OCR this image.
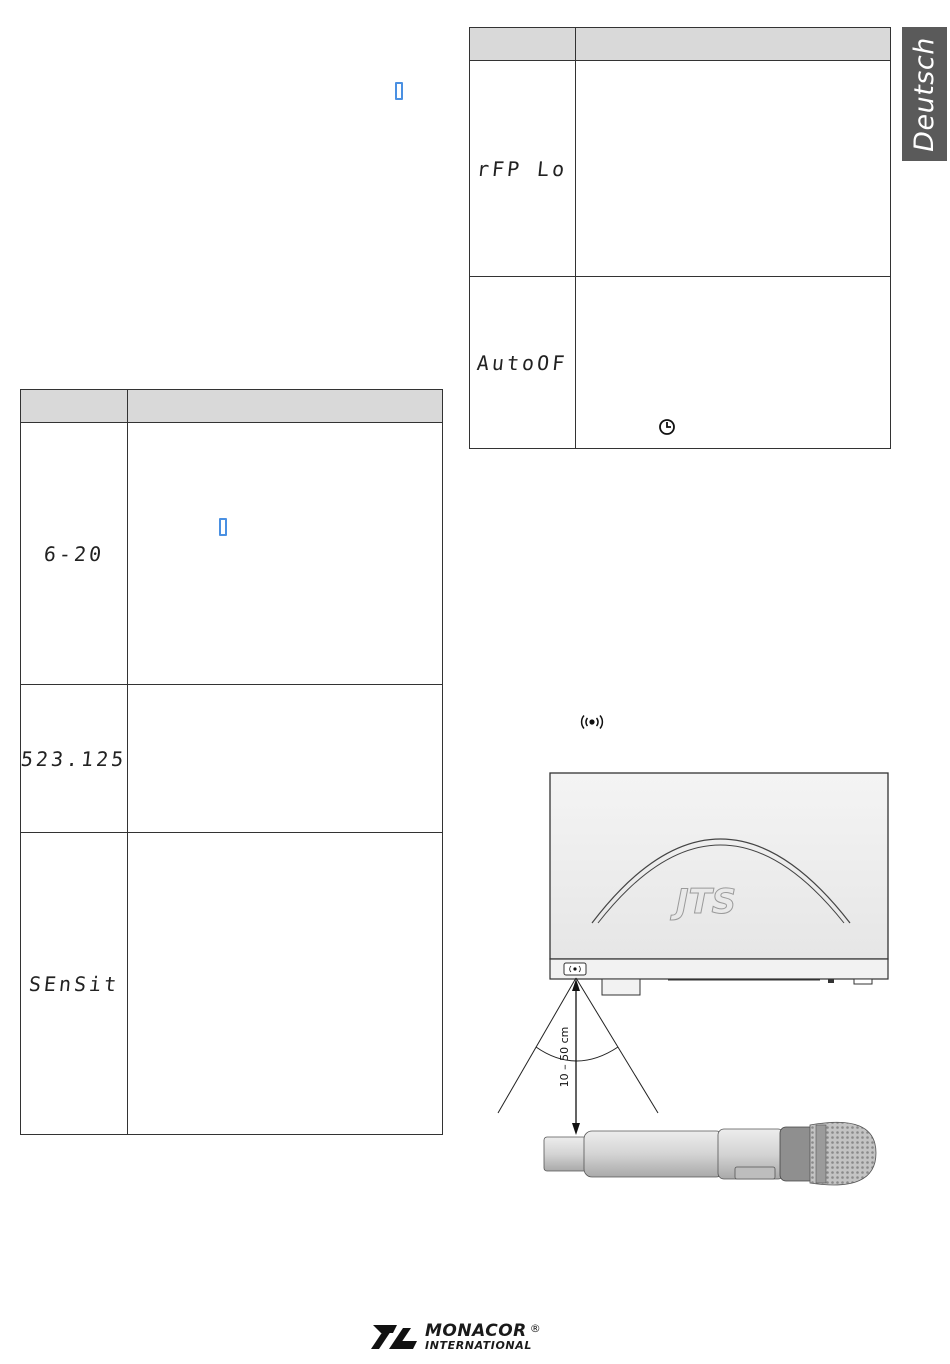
Deutsch

6-20	
523.125	
SEnSit	

rFP Lo	
AutoOF	
JTS
10 – 50 cm
MONACOR ®
INTERNATIONAL
